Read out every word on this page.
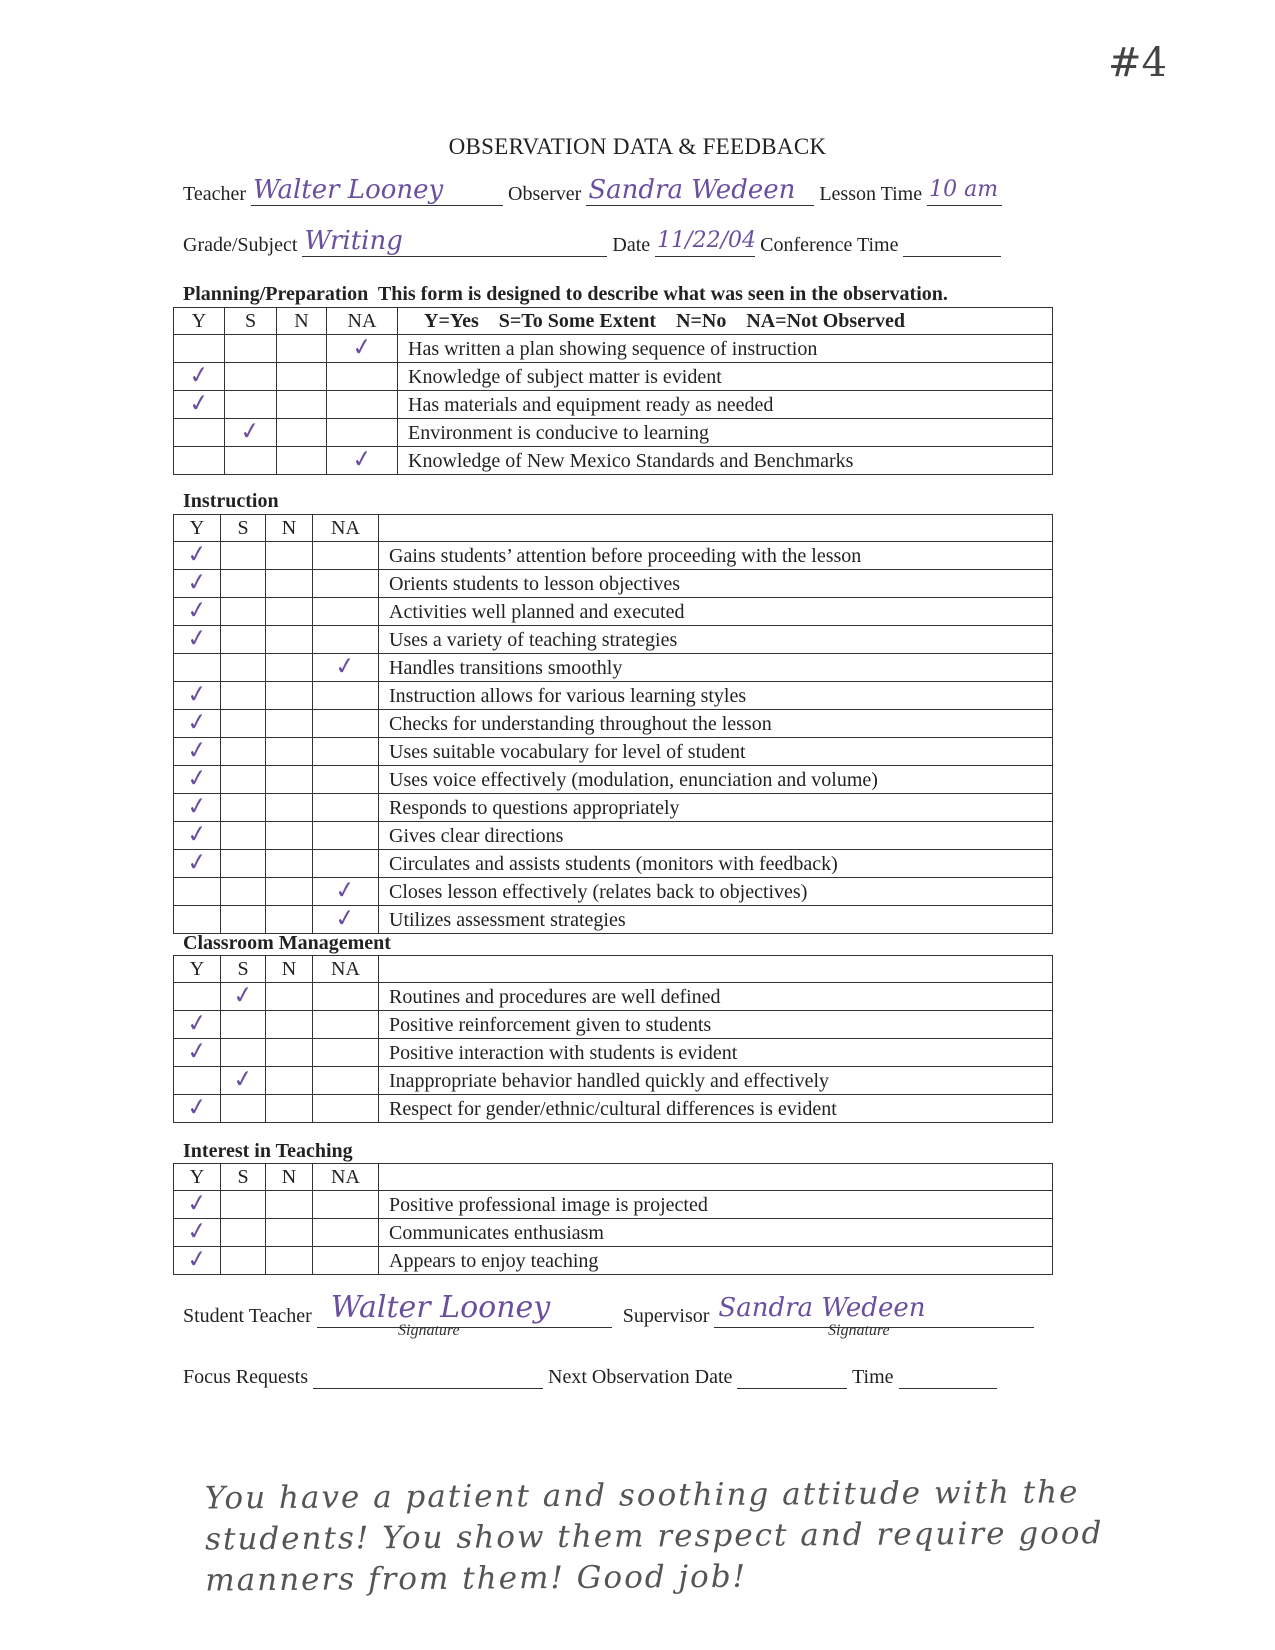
#4
OBSERVATION DATA & FEEDBACK
Teacher Walter Looney	Observer Sandra Wedeen Lesson Time 10 am
Grade/Subject Writing	Date 11/22/04 Conference Time
Planning/Preparation This form is designed to describe what was seen in the observation.
Y	S	N	NA	Y=Yes    S=To Some Extent    N=No    NA=Not Observed
			✓	Has written a plan showing sequence of instruction
✓				Knowledge of subject matter is evident
✓				Has materials and equipment ready as needed
	✓			Environment is conducive to learning
			✓	Knowledge of New Mexico Standards and Benchmarks
Instruction
Y	S	N	NA	
✓				Gains students’ attention before proceeding with the lesson
✓				Orients students to lesson objectives
✓				Activities well planned and executed
✓				Uses a variety of teaching strategies
			✓	Handles transitions smoothly
✓				Instruction allows for various learning styles
✓				Checks for understanding throughout the lesson
✓				Uses suitable vocabulary for level of student
✓				Uses voice effectively (modulation, enunciation and volume)
✓				Responds to questions appropriately
✓				Gives clear directions
✓				Circulates and assists students (monitors with feedback)
			✓	Closes lesson effectively (relates back to objectives)
			✓	Utilizes assessment strategies
Classroom Management
Y	S	N	NA	
	✓			Routines and procedures are well defined
✓				Positive reinforcement given to students
✓				Positive interaction with students is evident
	✓			Inappropriate behavior handled quickly and effectively
✓				Respect for gender/ethnic/cultural differences is evident
Interest in Teaching
Y	S	N	NA	
✓				Positive professional image is projected
✓				Communicates enthusiasm
✓				Appears to enjoy teaching
Student Teacher Walter Looney	Supervisor Sandra Wedeen
Signature	Signature
Focus Requests	Next Observation Date	Time
You have a patient and soothing attitude with the students! You show them respect and require good manners from them! Good job!
